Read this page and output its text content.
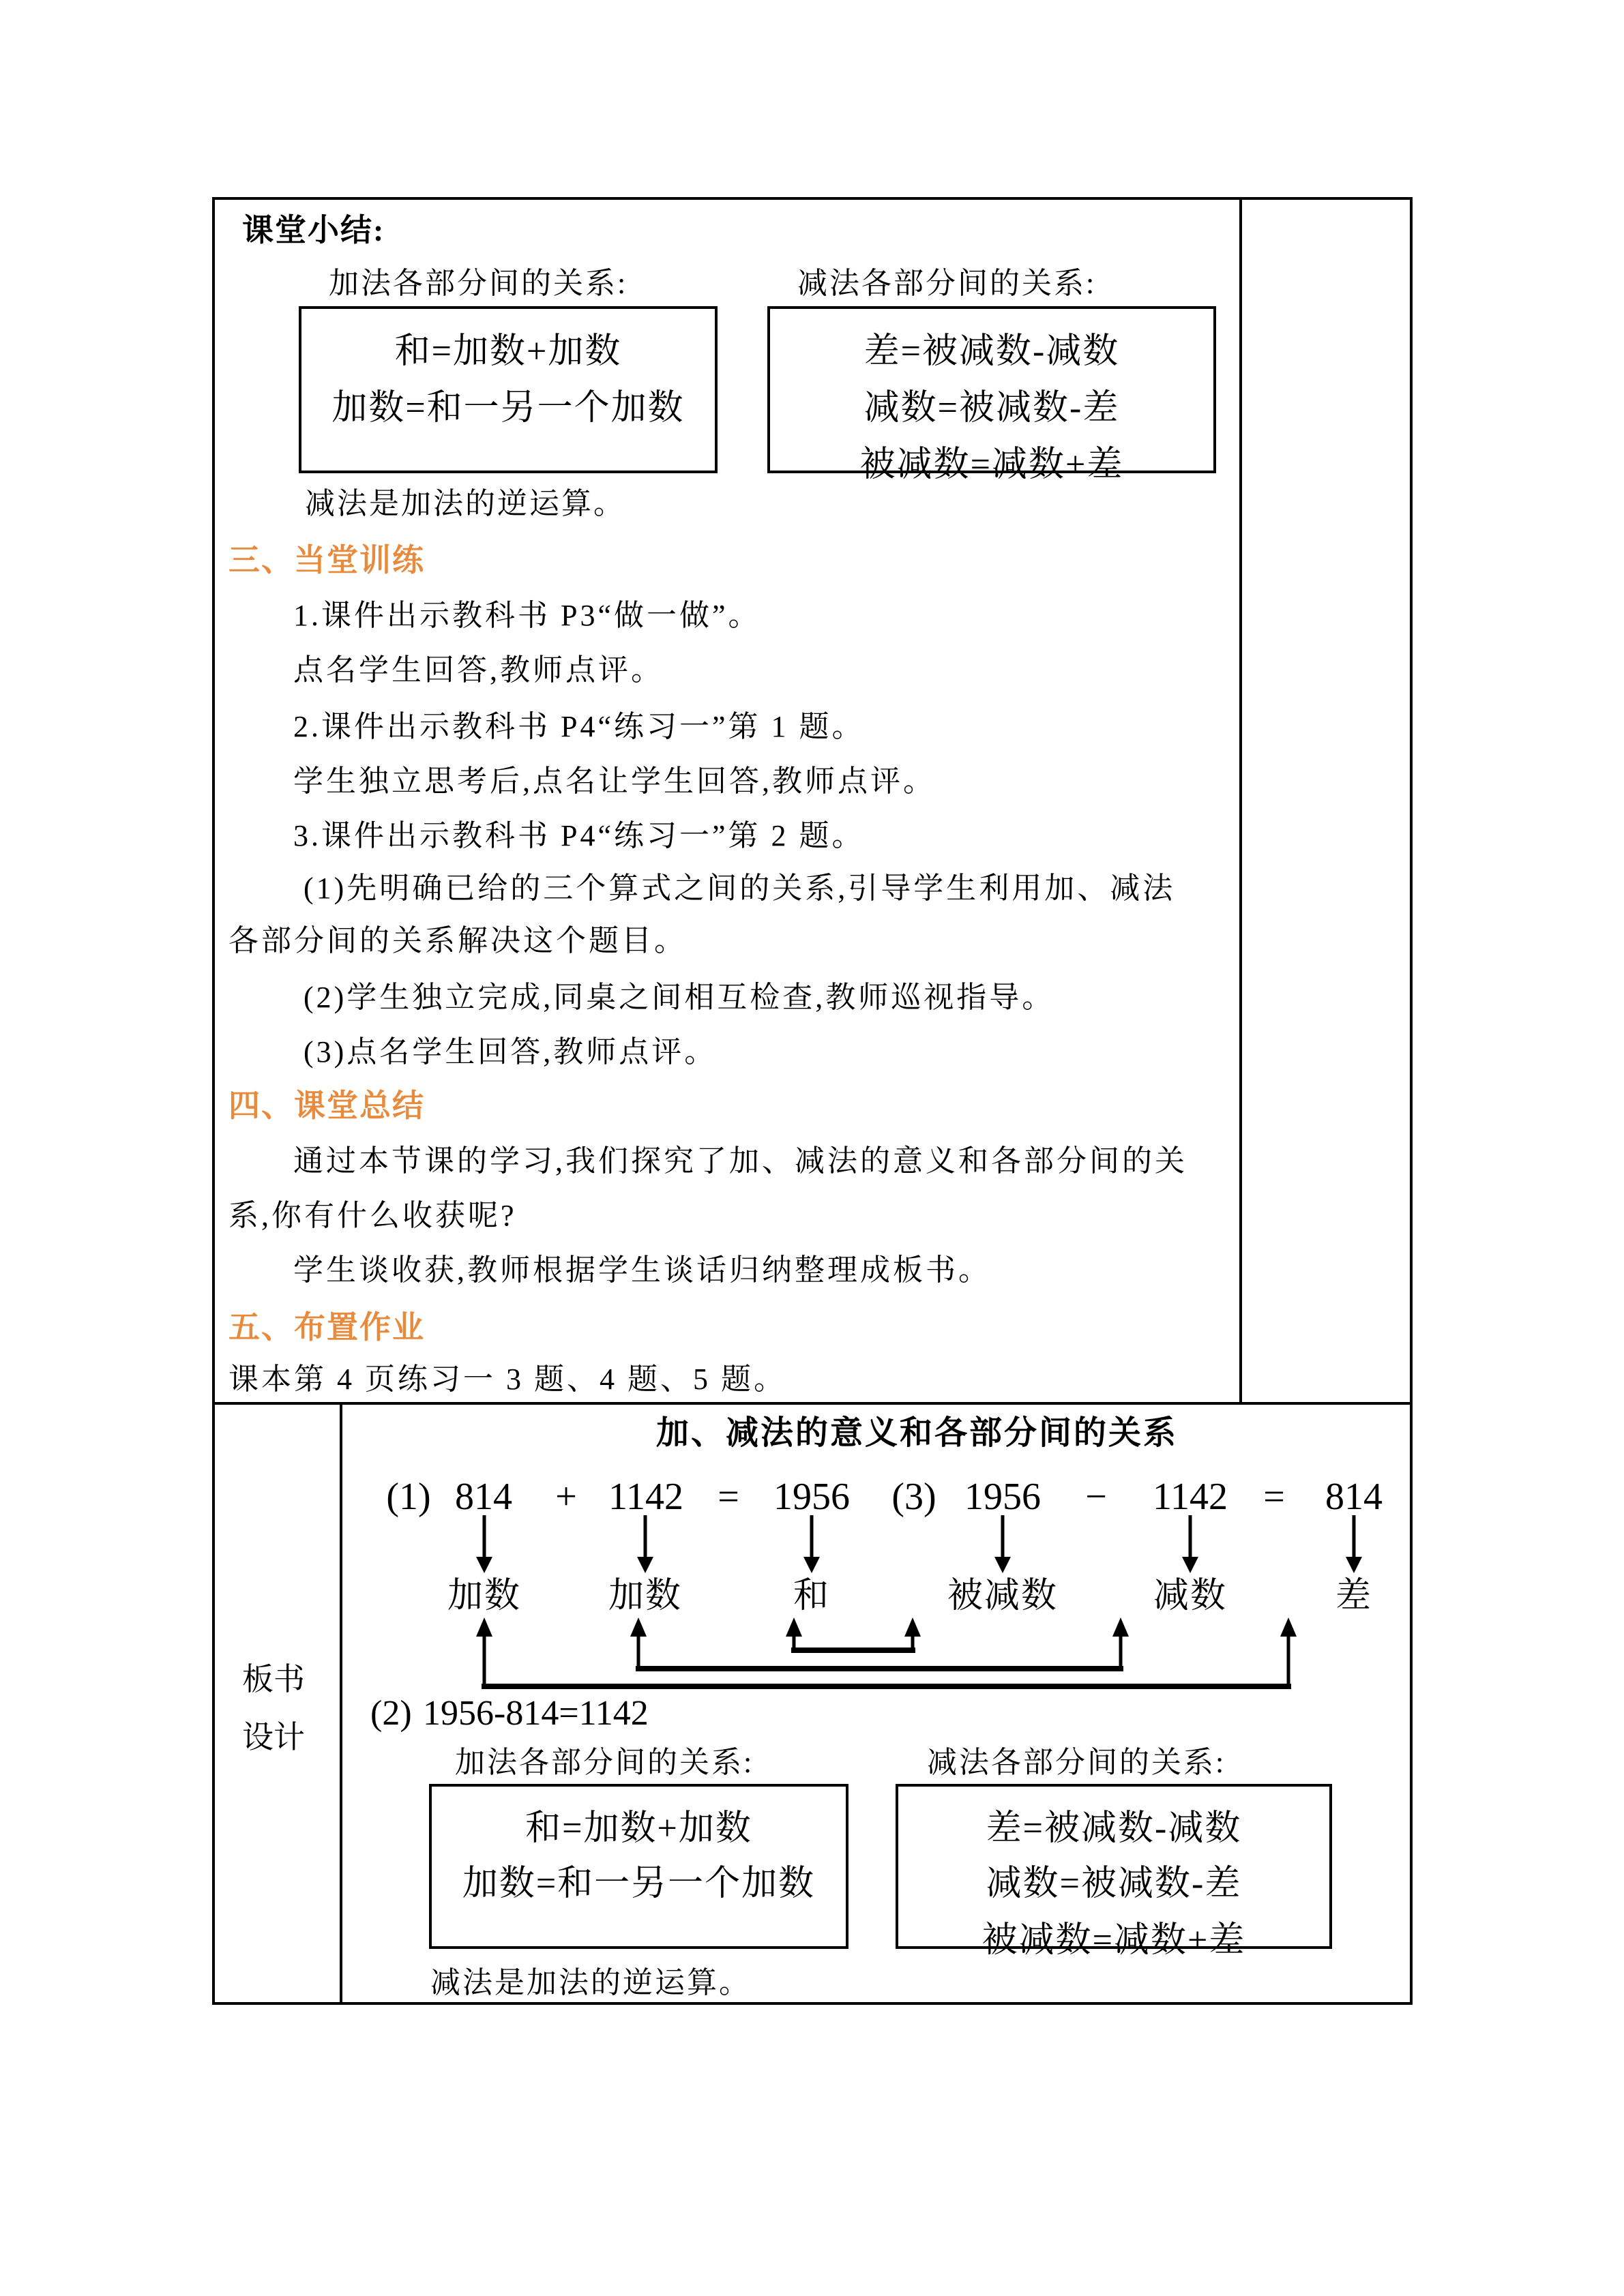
课堂小结:
加法各部分间的关系:	减法各部分间的关系:
和=加数+加数
加数=和一另一个加数
差=被减数-减数
减数=被减数-差
被减数=减数+差
减法是加法的逆运算。
三、当堂训练
1.课件出示教科书 P3“做一做”。
点名学生回答,教师点评。
2.课件出示教科书 P4“练习一”第 1 题。
学生独立思考后,点名让学生回答,教师点评。
3.课件出示教科书 P4“练习一”第 2 题。
(1)先明确已给的三个算式之间的关系,引导学生利用加、减法
各部分间的关系解决这个题目。
(2)学生独立完成,同桌之间相互检查,教师巡视指导。
(3)点名学生回答,教师点评。
四、课堂总结
通过本节课的学习,我们探究了加、减法的意义和各部分间的关
系,你有什么收获呢?
学生谈收获,教师根据学生谈话归纳整理成板书。
五、布置作业
课本第 4 页练习一 3 题、4 题、5 题。
板书
设计
加、减法的意义和各部分间的关系
(1) 814 + 1142 = 1956 (3) 1956 − 1142 = 814
加数 加数	和	被减数	减数	差
(2) 1956-814=1142
加法各部分间的关系:	减法各部分间的关系:
和=加数+加数
加数=和一另一个加数
差=被减数-减数
减数=被减数-差
被减数=减数+差
减法是加法的逆运算。
